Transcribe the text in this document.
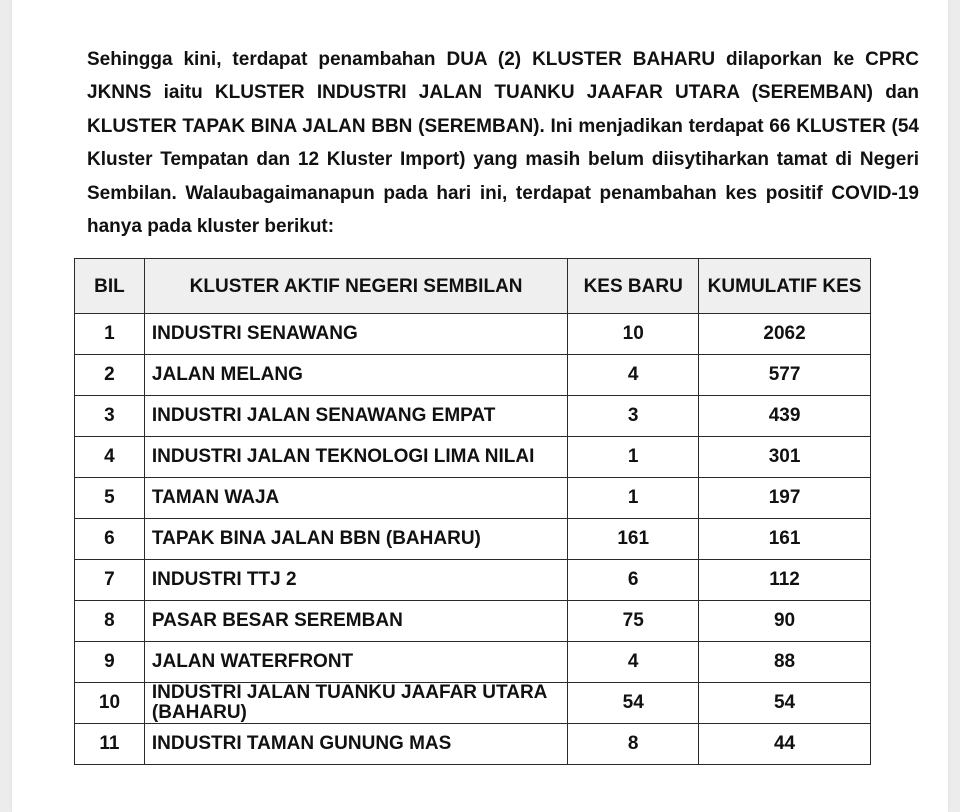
Sehingga kini, terdapat penambahan DUA (2) KLUSTER BAHARU dilaporkan ke CPRC JKNNS iaitu KLUSTER INDUSTRI JALAN TUANKU JAAFAR UTARA (SEREMBAN) dan KLUSTER TAPAK BINA JALAN BBN (SEREMBAN). Ini menjadikan terdapat 66 KLUSTER (54 Kluster Tempatan dan 12 Kluster Import) yang masih belum diisytiharkan tamat di Negeri Sembilan. Walaubagaimanapun pada hari ini, terdapat penambahan kes positif COVID-19 hanya pada kluster berikut:

BIL	KLUSTER AKTIF NEGERI SEMBILAN	KES BARU	KUMULATIF KES
1	INDUSTRI SENAWANG	10	2062
2	JALAN MELANG	4	577
3	INDUSTRI JALAN SENAWANG EMPAT	3	439
4	INDUSTRI JALAN TEKNOLOGI LIMA NILAI	1	301
5	TAMAN WAJA	1	197
6	TAPAK BINA JALAN BBN (BAHARU)	161	161
7	INDUSTRI TTJ 2	6	112
8	PASAR BESAR SEREMBAN	75	90
9	JALAN WATERFRONT	4	88
10	INDUSTRI JALAN TUANKU JAAFAR UTARA (BAHARU)	54	54
11	INDUSTRI TAMAN GUNUNG MAS	8	44
